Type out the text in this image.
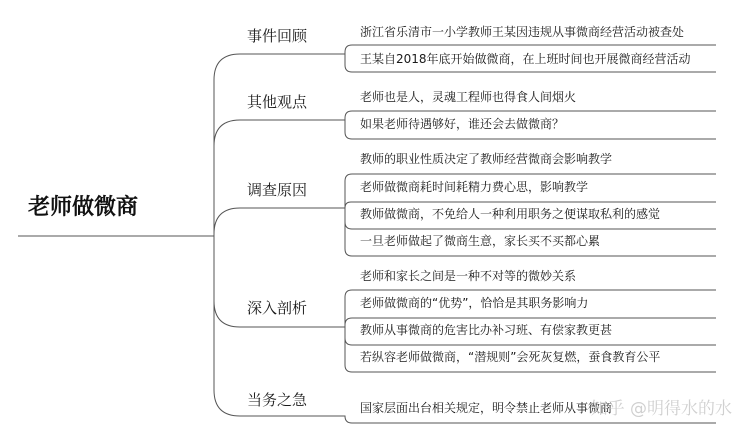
老师做微商
事件回顾	浙江省乐清市一小学教师王某因违规从事微商经营活动被查处
王某自2018年底开始做微商，在上班时间也开展微商经营活动
其他观点	老师也是人，灵魂工程师也得食人间烟火
如果老师待遇够好，谁还会去做微商？
调查原因
教师的职业性质决定了教师经营微商会影响教学
老师做微商耗时间耗精力费心思，影响教学
教师做微商，不免给人一种利用职务之便谋取私利的感觉
一旦老师做起了微商生意，家长买不买都心累
深入剖析
老师和家长之间是一种不对等的微妙关系
老师做微商的“优势”，恰恰是其职务影响力
教师从事微商的危害比办补习班、有偿家教更甚
若纵容老师做微商，“潜规则”会死灰复燃，蚕食教育公平
当务之急	国家层面出台相关规定，明令禁止老师从事微商
知乎 @明得水的水
